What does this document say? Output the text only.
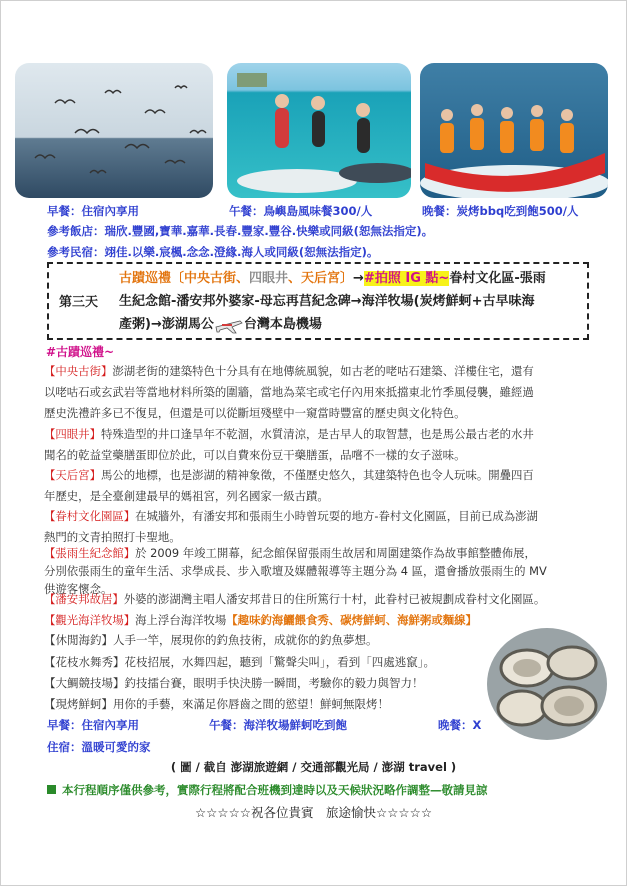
早餐：住宿內享用	午餐：鳥嶼島風味餐300/人	晚餐：炭烤bbq吃到飽500/人
參考飯店：瑞欣.豐國,寶華.嘉華.長春.豐家.豐谷.快樂或同級(恕無法指定)。
參考民宿：翊佳.以樂.宸楓.念念.澄緣.海人或同級(恕無法指定)。
第三天
古蹟巡禮〔中央古街、四眼井、天后宮〕→#拍照 IG 點~眷村文化區-張雨
生紀念館-潘安邦外婆家-母忘再莒紀念碑→海洋牧場(炭烤鮮蚵+古早味海
產粥)→澎湖馬公 台灣本島機場
#古蹟巡禮~
【中央古街】澎湖老街的建築特色十分具有在地傳統風貌，如古老的咾咕石建築、洋樓住宅，還有
以咾咕石或玄武岩等當地材料所築的圍牆，當地為菜宅或宅仔內用來抵擋東北竹季風侵襲，雖經過
歷史洗禮許多已不復見，但還是可以從斷垣殘壁中一窺當時豐富的歷史與文化特色。
【四眼井】特殊造型的井口逢旱年不乾涸，水質清涼，是古早人的取智慧，也是馬公最古老的水井
聞名的乾益堂藥膳蛋即位於此，可以自費來份豆干藥膳蛋，品嚐不一樣的女子滋味。
【天后宮】馬公的地標，也是澎湖的精神象徵，不僅歷史悠久，其建築特色也令人玩味。開疊四百
年歷史，是全臺創建最早的媽祖宮，列名國家一級古蹟。
【眷村文化園區】在城牆外，有潘安邦和張雨生小時曾玩耍的地方-眷村文化園區，目前已成為澎湖
熱門的文青拍照打卡聖地。
【張雨生紀念館】於 2009 年竣工開幕，紀念館保留張雨生故居和周圍建築作為故事館整體佈展，
分別依張雨生的童年生活、求學成長、步入歌壇及媒體報導等主題分為 4 區，還會播放張雨生的 MV
供遊客懷念。
【潘安邦故居】外婆的澎湖灣主唱人潘安邦昔日的住所篤行十村，此眷村已被規劃成眷村文化園區。
【觀光海洋牧場】海上浮台海洋牧場【趣味釣海鱺餵食秀、碳烤鮮蚵、海鮮粥或麵線】
【休閒海釣】人手一竿，展現你的釣魚技術，成就你的釣魚夢想。
【花枝水舞秀】花枝招展，水舞四起，聽到「驚聲尖叫」，看到「四處逃竄」。
【大鯛競技場】釣技擂台賽，眼明手快決勝一瞬間，考驗你的毅力與智力！
【現烤鮮蚵】用你的手藝，來滿足你唇齒之間的慾望！鮮蚵無限烤！
早餐：住宿內享用	午餐：海洋牧場鮮蚵吃到飽	晚餐：X
住宿：溫暖可愛的家
( 圖 / 截自 澎湖旅遊網 / 交通部觀光局 / 澎湖 travel )
本行程順序僅供參考，實際行程將配合班機到達時以及天候狀況略作調整—敬請見諒
☆☆☆☆☆祝各位貴賓　旅途愉快☆☆☆☆☆
